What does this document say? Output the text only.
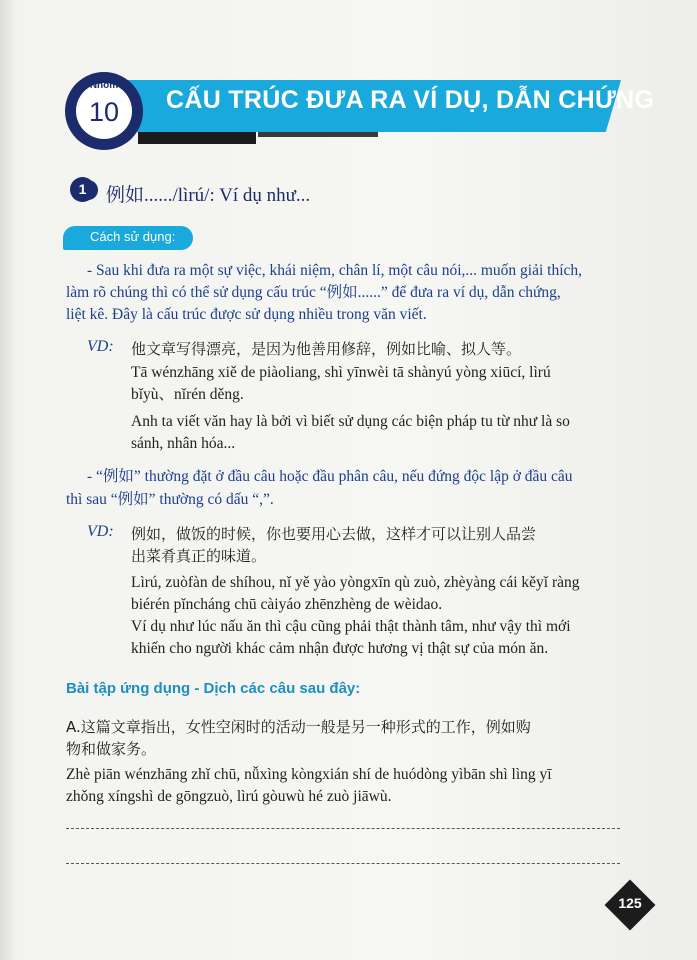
CẤU TRÚC ĐƯA RA VÍ DỤ, DẪN CHỨNG
Nhóm
10
1	例如....../lìrú/: Ví dụ như...
Cách sử dụng:
- Sau khi đưa ra một sự việc, khái niệm, chân lí, một câu nói,... muốn giải thích,
làm rõ chúng thì có thể sử dụng cấu trúc “例如......” để đưa ra ví dụ, dẫn chứng,
liệt kê. Đây là cấu trúc được sử dụng nhiều trong văn viết.
VD: 他文章写得漂亮，是因为他善用修辞，例如比喻、拟人等。
Tā wénzhāng xiě de piàoliang, shì yīnwèi tā shànyú yòng xiūcí, lìrú
bǐyù、nǐrén děng.
Anh ta viết văn hay là bởi vì biết sử dụng các biện pháp tu từ như là so
sánh, nhân hóa...
- “例如” thường đặt ở đầu câu hoặc đầu phân câu, nếu đứng độc lập ở đầu câu
thì sau “例如” thường có dấu “,”.
VD: 例如，做饭的时候，你也要用心去做，这样才可以让别人品尝
出菜肴真正的味道。
Lìrú, zuòfàn de shíhou, nǐ yě yào yòngxīn qù zuò, zhèyàng cái kěyǐ ràng
biérén pǐncháng chū càiyáo zhēnzhèng de wèidao.
Ví dụ như lúc nấu ăn thì cậu cũng phải thật thành tâm, như vậy thì mới
khiến cho người khác cảm nhận được hương vị thật sự của món ăn.
Bài tập ứng dụng - Dịch các câu sau đây:
A.这篇文章指出，女性空闲时的活动一般是另一种形式的工作，例如购
物和做家务。
Zhè piān wénzhāng zhǐ chū, nǚxìng kòngxián shí de huódòng yìbān shì lìng yī
zhǒng xíngshì de gōngzuò, lìrú gòuwù hé zuò jiāwù.
125
